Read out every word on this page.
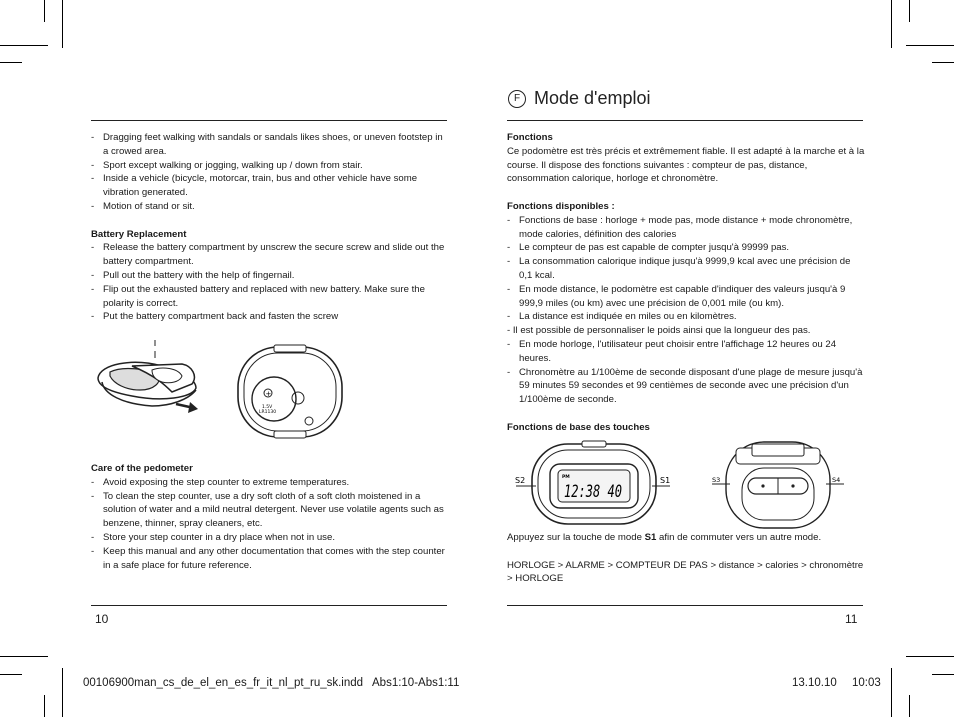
- Dragging feet walking with sandals or sandals likes shoes, or uneven footstep in a crowed area.
- Sport except walking or jogging, walking up / down from stair.
- Inside a vehicle (bicycle, motorcar, train, bus and other vehicle have some vibration generated.
- Motion of stand or sit.

Battery Replacement

- Release the battery compartment by unscrew the secure screw and slide out the battery compartment.
- Pull out the battery with the help of fingernail.
- Flip out the exhausted battery and replaced with new battery. Make sure the polarity is correct.
- Put the battery compartment back and fasten the screw
+
1.5V
LR1130

Care of the pedometer

- Avoid exposing the step counter to extreme temperatures.
- To clean the step counter, use a dry soft cloth of a soft cloth moistened in a solution of water and a mild neutral detergent. Never use volatile agents such as benzene, thinner, spray cleaners, etc.
- Store your step counter in a dry place when not in use.
- Keep this manual and any other documentation that comes with the step counter in a safe place for future reference.
10
F Mode d'emploi

Fonctions

Ce podomètre est très précis et extrêmement fiable. Il est adapté à la marche et à la course. Il dispose des fonctions suivantes : compteur de pas, distance, consommation calorique, horloge et chronomètre.

Fonctions disponibles :

- Fonctions de base : horloge + mode pas, mode distance + mode chronomètre, mode calories, définition des calories
- Le compteur de pas est capable de compter jusqu'à 99999 pas.
- La consommation calorique indique jusqu'à 9999,9 kcal avec une précision de 0,1 kcal.
- En mode distance, le podomètre est capable d'indiquer des valeurs jusqu'à 9 999,9 miles (ou km) avec une précision de 0,001 mile (ou km).
- La distance est indiquée en miles ou en kilomètres.
- I l est possible de personnaliser le poids ainsi que la longueur des pas.
- En mode horloge, l'utilisateur peut choisir entre l'affichage 12 heures ou 24 heures.
- Chronomètre au 1/100ème de seconde disposant d'une plage de mesure jusqu'à 59 minutes 59 secondes et 99 centièmes de seconde avec une précision d'un 1/100ème de seconde.

Fonctions de base des touches

PM
12:38 40
S2	S1	S3	S4

Appuyez sur la touche de mode S1 afin de commuter vers un autre mode.

HORLOGE > ALARME > COMPTEUR DE PAS > distance > calories > chronomètre > HORLOGE

11
00106900man_cs_de_el_en_es_fr_it_nl_pt_ru_sk.indd   Abs1:10-Abs1:11	13.10.10 10:03
